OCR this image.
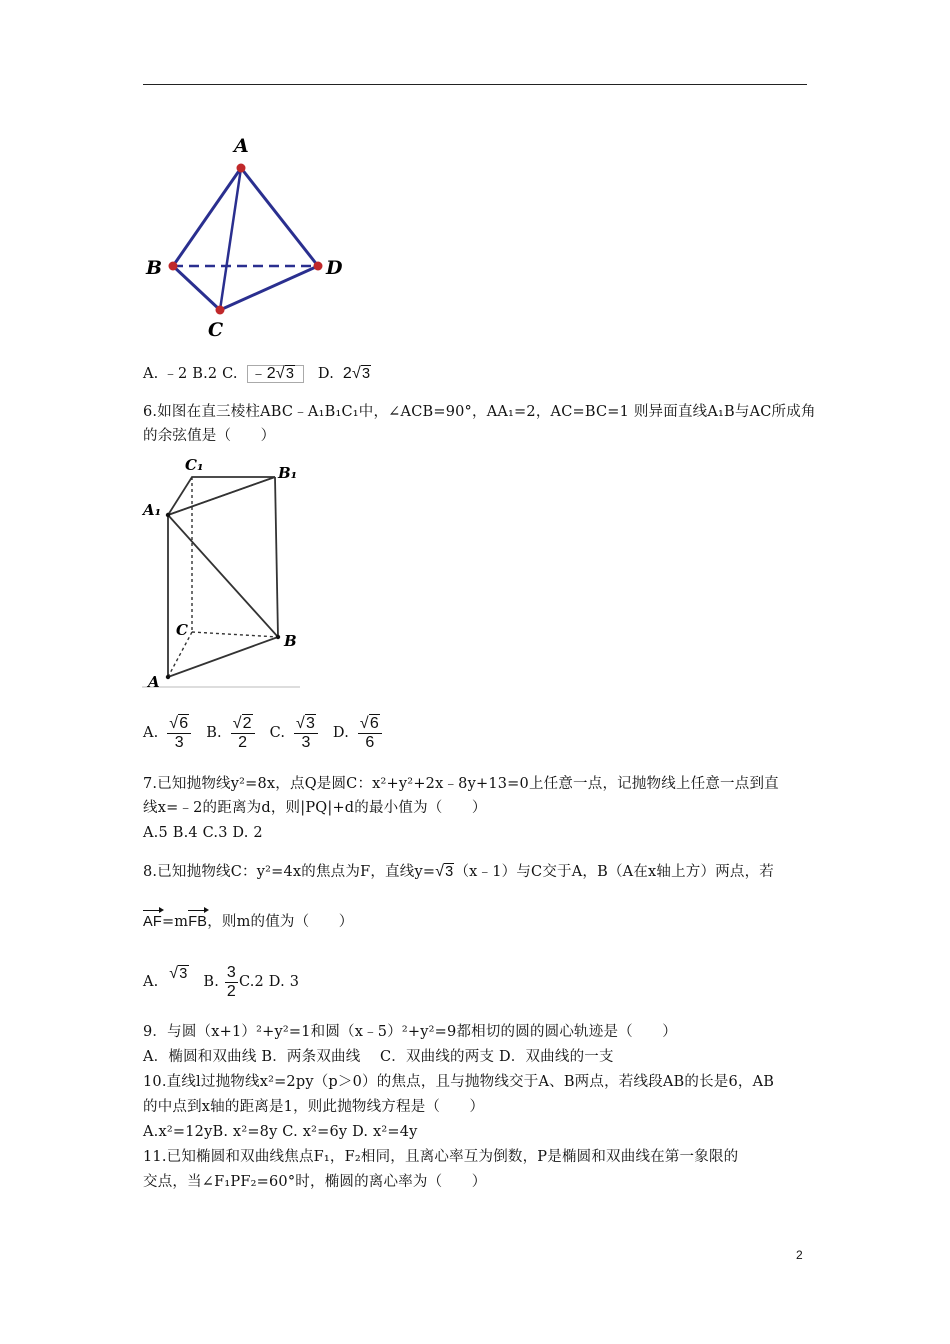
A
B
C
D
A. ﹣2 B.2 C. ﹣2√3 D. 2√3
6.如图在直三棱柱ABC﹣A₁B₁C₁中，∠ACB=90°，AA₁=2，AC=BC=1 则异面直线A₁B与AC所成角
的余弦值是（　　）
C₁	B₁
A₁
C
B
A
A. $\frac{√6}{3} B$. $\frac{√2}{2} C$. $\frac{√3}{3} D$. $\frac{√6}{6}$
7.已知抛物线y²=8x，点Q是圆C：x²+y²+2x﹣8y+13=0上任意一点，记抛物线上任意一点到直
线x=﹣2的距离为d，则|PQ|+d的最小值为（　　）
A.5 B.4 C.3 D. 2
8.已知抛物线C：y²=4x的焦点为F，直线y=√3（x﹣1）与C交于A，B（A在x轴上方）两点，若
AF=mFB，则m的值为（　　）
A. √3 B. $\frac{3}{2} C.2$ D. 3
9．与圆（x+1）²+y²=1和圆（x﹣5）²+y²=9都相切的圆的圆心轨迹是（　　）
A．椭圆和双曲线 B．两条双曲线　 C．双曲线的两支 D．双曲线的一支
10.直线l过抛物线x²=2py（p＞0）的焦点，且与抛物线交于A、B两点，若线段AB的长是6，AB
的中点到x轴的距离是1，则此抛物线方程是（　　）
A.x²=12yB. x²=8y C. x²=6y D. x²=4y
11.已知椭圆和双曲线焦点F₁，F₂相同，且离心率互为倒数，P是椭圆和双曲线在第一象限的
交点，当∠F₁PF₂=60°时，椭圆的离心率为（　　）
2
